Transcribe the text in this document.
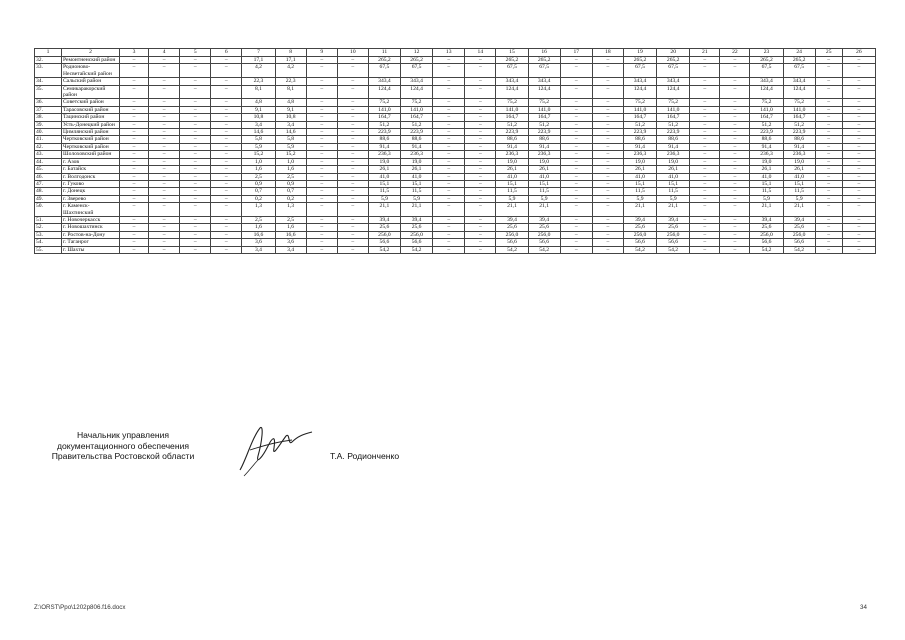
1	2	3	4	5	6	7	8	9	10	11	12	13	14	15	16	17	18	19	20	21	22	23	24	25	26
32.	Ремонтненский район	–	–	–	–	17,1	17,1	–	–	265,2	265,2	–	–	265,2	265,2	–	–	265,2	265,2	–	–	265,2	265,2	–	–
33.	Родионово-Несветайский район	–	–	–	–	4,2	4,2	–	–	67,5	67,5	–	–	67,5	67,5	–	–	67,5	67,5	–	–	67,5	67,5	–	–
34.	Сальский район	–	–	–	–	22,3	22,3	–	–	343,4	343,4	–	–	343,4	343,4	–	–	343,4	343,4	–	–	343,4	343,4	–	–
35.	Семикаракорский район	–	–	–	–	8,1	8,1	–	–	124,4	124,4	–	–	124,4	124,4	–	–	124,4	124,4	–	–	124,4	124,4	–	–
36.	Советский район	–	–	–	–	4,8	4,8	–	–	75,2	75,2	–	–	75,2	75,2	–	–	75,2	75,2	–	–	75,2	75,2	–	–
37.	Тарасовский район	–	–	–	–	9,1	9,1	–	–	141,0	141,0	–	–	141,0	141,0	–	–	141,0	141,0	–	–	141,0	141,0	–	–
38.	Тацинский район	–	–	–	–	10,8	10,8	–	–	164,7	164,7	–	–	164,7	164,7	–	–	164,7	164,7	–	–	164,7	164,7	–	–
39.	Усть-Донецкий район	–	–	–	–	3,4	3,4	–	–	51,2	51,2	–	–	51,2	51,2	–	–	51,2	51,2	–	–	51,2	51,2	–	–
40.	Цимлянский район	–	–	–	–	14,6	14,6	–	–	223,9	223,9	–	–	223,9	223,9	–	–	223,9	223,9	–	–	223,9	223,9	–	–
41.	Чертковский район	–	–	–	–	5,8	5,8	–	–	88,6	88,6	–	–	88,6	88,6	–	–	88,6	88,6	–	–	88,6	88,6	–	–
42.	Чертковский район	–	–	–	–	5,9	5,9	–	–	91,4	91,4	–	–	91,4	91,4	–	–	91,4	91,4	–	–	91,4	91,4	–	–
43.	Шолоховский район	–	–	–	–	15,2	15,2	–	–	236,3	236,3	–	–	236,3	236,3	–	–	236,3	236,3	–	–	236,3	236,3	–	–
44.	г. Азов	–	–	–	–	1,0	1,0	–	–	19,0	19,0	–	–	19,0	19,0	–	–	19,0	19,0	–	–	19,0	19,0	–	–
45.	г. Батайск	–	–	–	–	1,6	1,6	–	–	26,1	26,1	–	–	26,1	26,1	–	–	26,1	26,1	–	–	26,1	26,1	–	–
46.	г. Волгодонск	–	–	–	–	2,5	2,5	–	–	41,0	41,0	–	–	41,0	41,0	–	–	41,0	41,0	–	–	41,0	41,0	–	–
47.	г. Гуково	–	–	–	–	0,9	0,9	–	–	15,1	15,1	–	–	15,1	15,1	–	–	15,1	15,1	–	–	15,1	15,1	–	–
48.	г. Донецк	–	–	–	–	0,7	0,7	–	–	11,5	11,5	–	–	11,5	11,5	–	–	11,5	11,5	–	–	11,5	11,5	–	–
49.	г. Зверево	–	–	–	–	0,2	0,2	–	–	5,9	5,9	–	–	5,9	5,9	–	–	5,9	5,9	–	–	5,9	5,9	–	–
50.	г. Каменск-Шахтинский	–	–	–	–	1,3	1,3	–	–	21,1	21,1	–	–	21,1	21,1	–	–	21,1	21,1	–	–	21,1	21,1	–	–
51.	г. Новочеркасск	–	–	–	–	2,5	2,5	–	–	39,4	39,4	–	–	39,4	39,4	–	–	39,4	39,4	–	–	39,4	39,4	–	–
52.	г. Новошахтинск	–	–	–	–	1,6	1,6	–	–	25,6	25,6	–	–	25,6	25,6	–	–	25,6	25,6	–	–	25,6	25,6	–	–
53.	г. Ростов-на-Дону	–	–	–	–	16,6	16,6	–	–	256,0	256,0	–	–	256,0	256,0	–	–	256,0	256,0	–	–	256,0	256,0	–	–
54.	г. Таганрог	–	–	–	–	3,6	3,6	–	–	56,6	56,6	–	–	56,6	56,6	–	–	56,6	56,6	–	–	56,6	56,6	–	–
55.	г. Шахты	–	–	–	–	3,4	3,4	–	–	54,2	54,2	–	–	54,2	54,2	–	–	54,2	54,2	–	–	54,2	54,2	–	–
Начальник управления
документационного обеспечения
Правительства Ростовской области	Т.А. Родионченко
Z:\ORST\Ppo\1202p806.f16.docx	34
